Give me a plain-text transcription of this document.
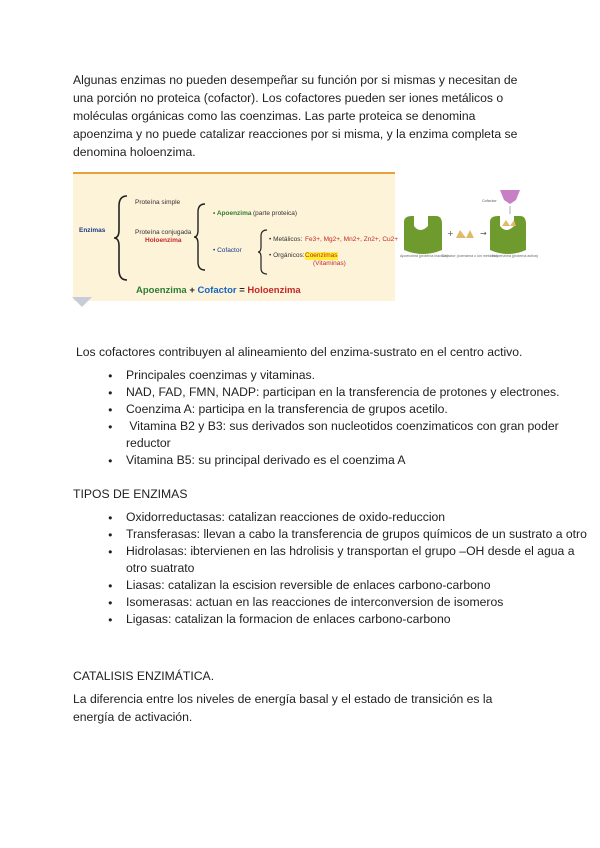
Algunas enzimas no pueden desempeñar su función por si mismas y necesitan de una porción no proteica (cofactor). Los cofactores pueden ser iones metálicos o moléculas orgánicas como las coenzimas. Las parte proteica se denomina apoenzima y no puede catalizar reacciones por si misma, y la enzima completa se denomina holoenzima.

Enzimas
Proteína simple
Proteína conjugada
Holoenzima
• Apoenzima (parte proteica)
• Cofactor
• Metálicos: Fe3+, Mg2+, Mn2+, Zn2+, Cu2+
• Orgánicos: Coenzimas
(Vitaminas)
Apoenzima + Cofactor = Holoenzima
+	→
Cofactor
Apoenzima (proteína inactiva)
Cofactor (coenzima o ion metálico)
Holoenzima (proteína activa)

Los cofactores contribuyen al alineamiento del enzima-sustrato en el centro activo.

● Principales coenzimas y vitaminas.
● NAD, FAD, FMN, NADP: participan en la transferencia de protones y electrones.
● Coenzima A: participa en la transferencia de grupos acetilo.
●  Vitamina B2 y B3: sus derivados son nucleotidos coenzimaticos con gran poder reductor
● Vitamina B5: su principal derivado es el coenzima A

TIPOS DE ENZIMAS

● Oxidorreductasas: catalizan reacciones de oxido-reduccion
● Transferasas: llevan a cabo la transferencia de grupos químicos de un sustrato a otro
● Hidrolasas: ibtervienen en las hdrolisis y transportan el grupo –OH desde el agua a otro suatrato
● Liasas: catalizan la escision reversible de enlaces carbono-carbono
● Isomerasas: actuan en las reacciones de interconversion de isomeros
● Ligasas: catalizan la formacion de enlaces carbono-carbono

CATALISIS ENZIMÁTICA.

La diferencia entre los niveles de energía basal y el estado de transición es la energía de activación.
